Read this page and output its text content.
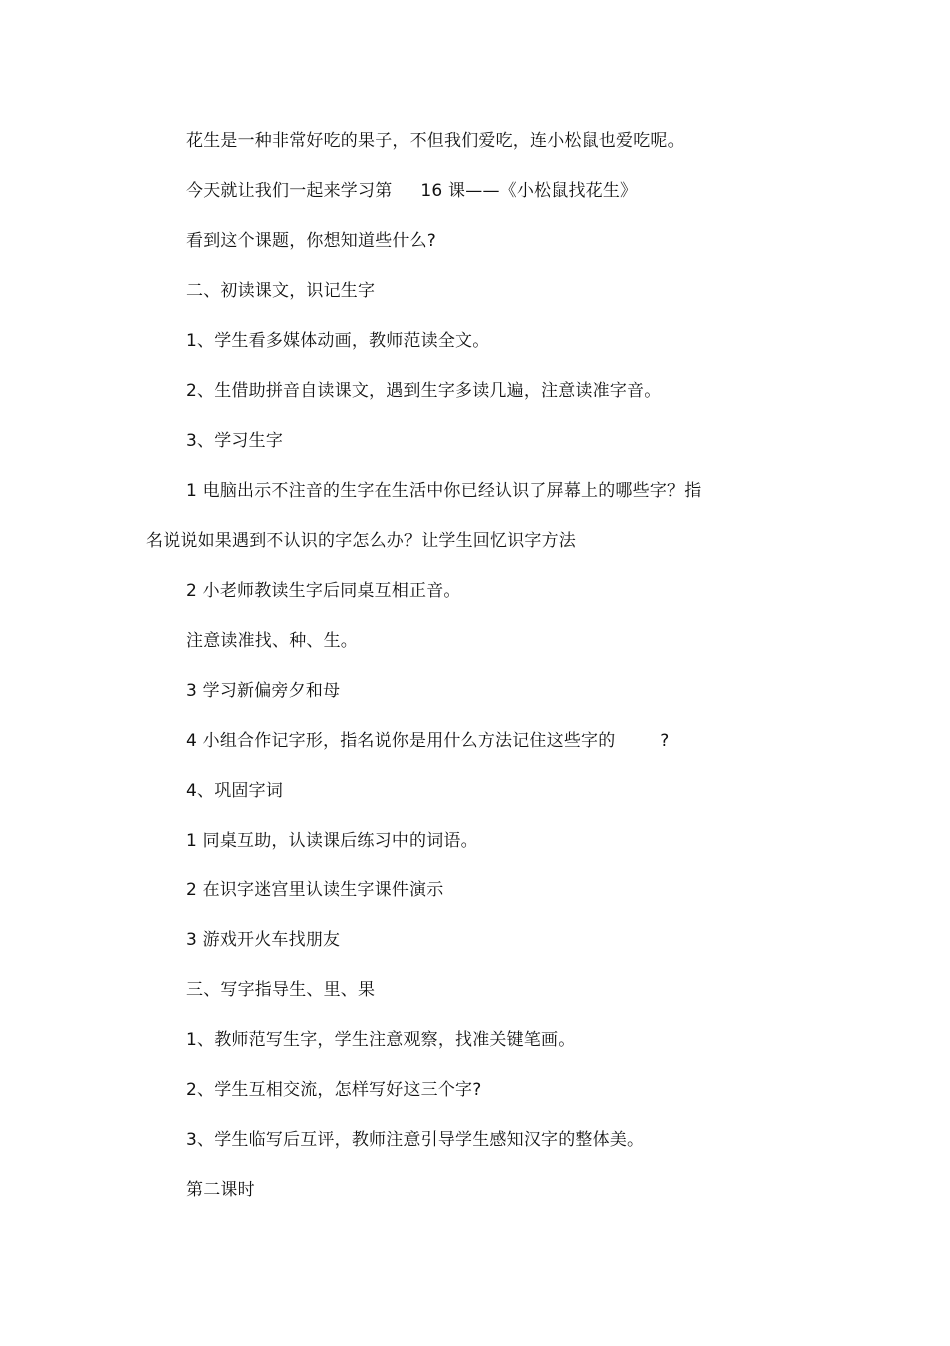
花生是一种非常好吃的果子，不但我们爱吃，连小松鼠也爱吃呢。
今天就让我们一起来学习第     16 课——《小松鼠找花生》
看到这个课题，你想知道些什么?
二、初读课文，识记生字
1、学生看多媒体动画，教师范读全文。
2、生借助拼音自读课文，遇到生字多读几遍，注意读准字音。
3、学习生字
1 电脑出示不注音的生字在生活中你已经认识了屏幕上的哪些字？指
名说说如果遇到不认识的字怎么办？让学生回忆识字方法
2 小老师教读生字后同桌互相正音。
注意读准找、种、生。
3 学习新偏旁夕和母
4 小组合作记字形，指名说你是用什么方法记住这些字的        ?
4、巩固字词
1 同桌互助，认读课后练习中的词语。
2 在识字迷宫里认读生字课件演示
3 游戏开火车找朋友
三、写字指导生、里、果
1、教师范写生字，学生注意观察，找准关键笔画。
2、学生互相交流，怎样写好这三个字?
3、学生临写后互评，教师注意引导学生感知汉字的整体美。
第二课时
